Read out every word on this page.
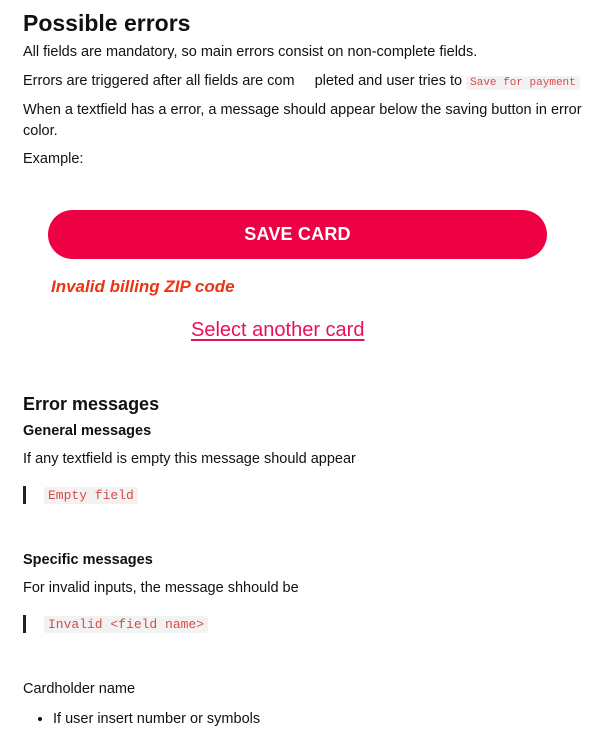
Possible errors

All fields are mandatory, so main errors consist on non-complete fields.

Errors are triggered after all fields are com pleted and user tries to Save for payment

When a textfield has a error, a message should appear below the saving button in error color.

Example:

SAVE CARD
Invalid billing ZIP code
Select another card
Error messages
General messages

If any textfield is empty this message should appear

Empty field
Specific messages

For invalid inputs, the message shhould be

Invalid <field name>

Cardholder name

• If user insert number or symbols
